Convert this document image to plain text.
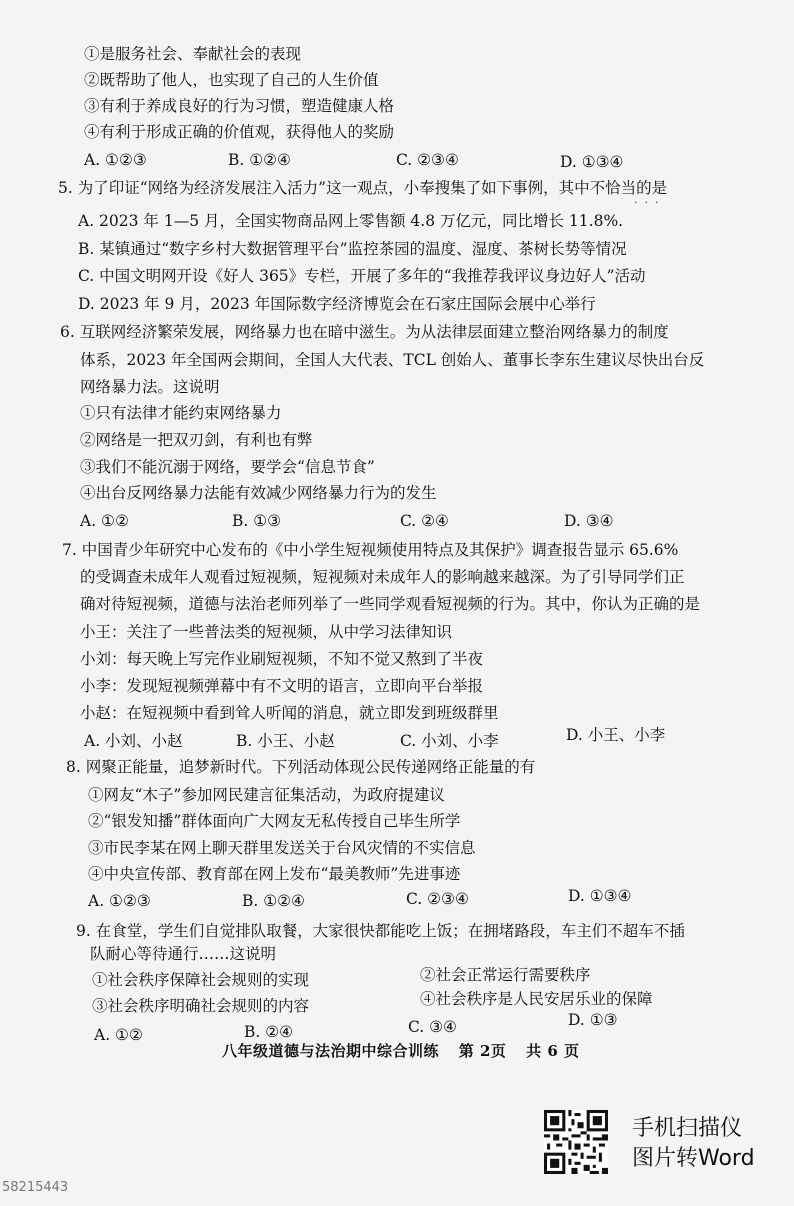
①是服务社会、奉献社会的表现
②既帮助了他人，也实现了自己的人生价值
③有利于养成良好的行为习惯，塑造健康人格
④有利于形成正确的价值观，获得他人的奖励
A. ①②③	B. ①②④	C. ②③④	D. ①③④
5. 为了印证“网络为经济发展注入活力”这一观点，小奉搜集了如下事例，其中不恰当的是
·  ·  ·
A. 2023 年 1—5 月，全国实物商品网上零售额 4.8 万亿元，同比增长 11.8%.
B. 某镇通过“数字乡村大数据管理平台”监控茶园的温度、湿度、茶树长势等情况
C. 中国文明网开设《好人 365》专栏，开展了多年的“我推荐我评议身边好人”活动
D. 2023 年 9 月，2023 年国际数字经济博览会在石家庄国际会展中心举行
6. 互联网经济繁荣发展，网络暴力也在暗中滋生。为从法律层面建立整治网络暴力的制度
体系，2023 年全国两会期间，全国人大代表、TCL 创始人、董事长李东生建议尽快出台反
网络暴力法。这说明
①只有法律才能约束网络暴力
②网络是一把双刃剑，有利也有弊
③我们不能沉溺于网络，要学会“信息节食”
④出台反网络暴力法能有效减少网络暴力行为的发生
A. ①②	B. ①③	C. ②④	D. ③④
7. 中国青少年研究中心发布的《中小学生短视频使用特点及其保护》调查报告显示 65.6%
的受调查未成年人观看过短视频，短视频对未成年人的影响越来越深。为了引导同学们正
确对待短视频，道德与法治老师列举了一些同学观看短视频的行为。其中，你认为正确的是
小王：关注了一些普法类的短视频，从中学习法律知识
小刘：每天晚上写完作业刷短视频，不知不觉又熬到了半夜
小李：发现短视频弹幕中有不文明的语言，立即向平台举报
小赵：在短视频中看到耸人听闻的消息，就立即发到班级群里
A. 小刘、小赵	B. 小王、小赵	C. 小刘、小李	D. 小王、小李
8. 网聚正能量，追梦新时代。下列活动体现公民传递网络正能量的有
①网友“木子”参加网民建言征集活动，为政府提建议
②“银发知播”群体面向广大网友无私传授自己毕生所学
③市民李某在网上聊天群里发送关于台风灾情的不实信息
④中央宣传部、教育部在网上发布“最美教师”先进事迹
A. ①②③	B. ①②④	C. ②③④	D. ①③④
9. 在食堂，学生们自觉排队取餐，大家很快都能吃上饭；在拥堵路段，车主们不超车不插
队耐心等待通行……这说明
①社会秩序保障社会规则的实现	②社会正常运行需要秩序
③社会秩序明确社会规则的内容	④社会秩序是人民安居乐业的保障
A. ①②	B. ②④	C. ③④	D. ①③
八年级道德与法治期中综合训练 第 2页 共 6 页
手机扫描仪
图片转Word
58215443
